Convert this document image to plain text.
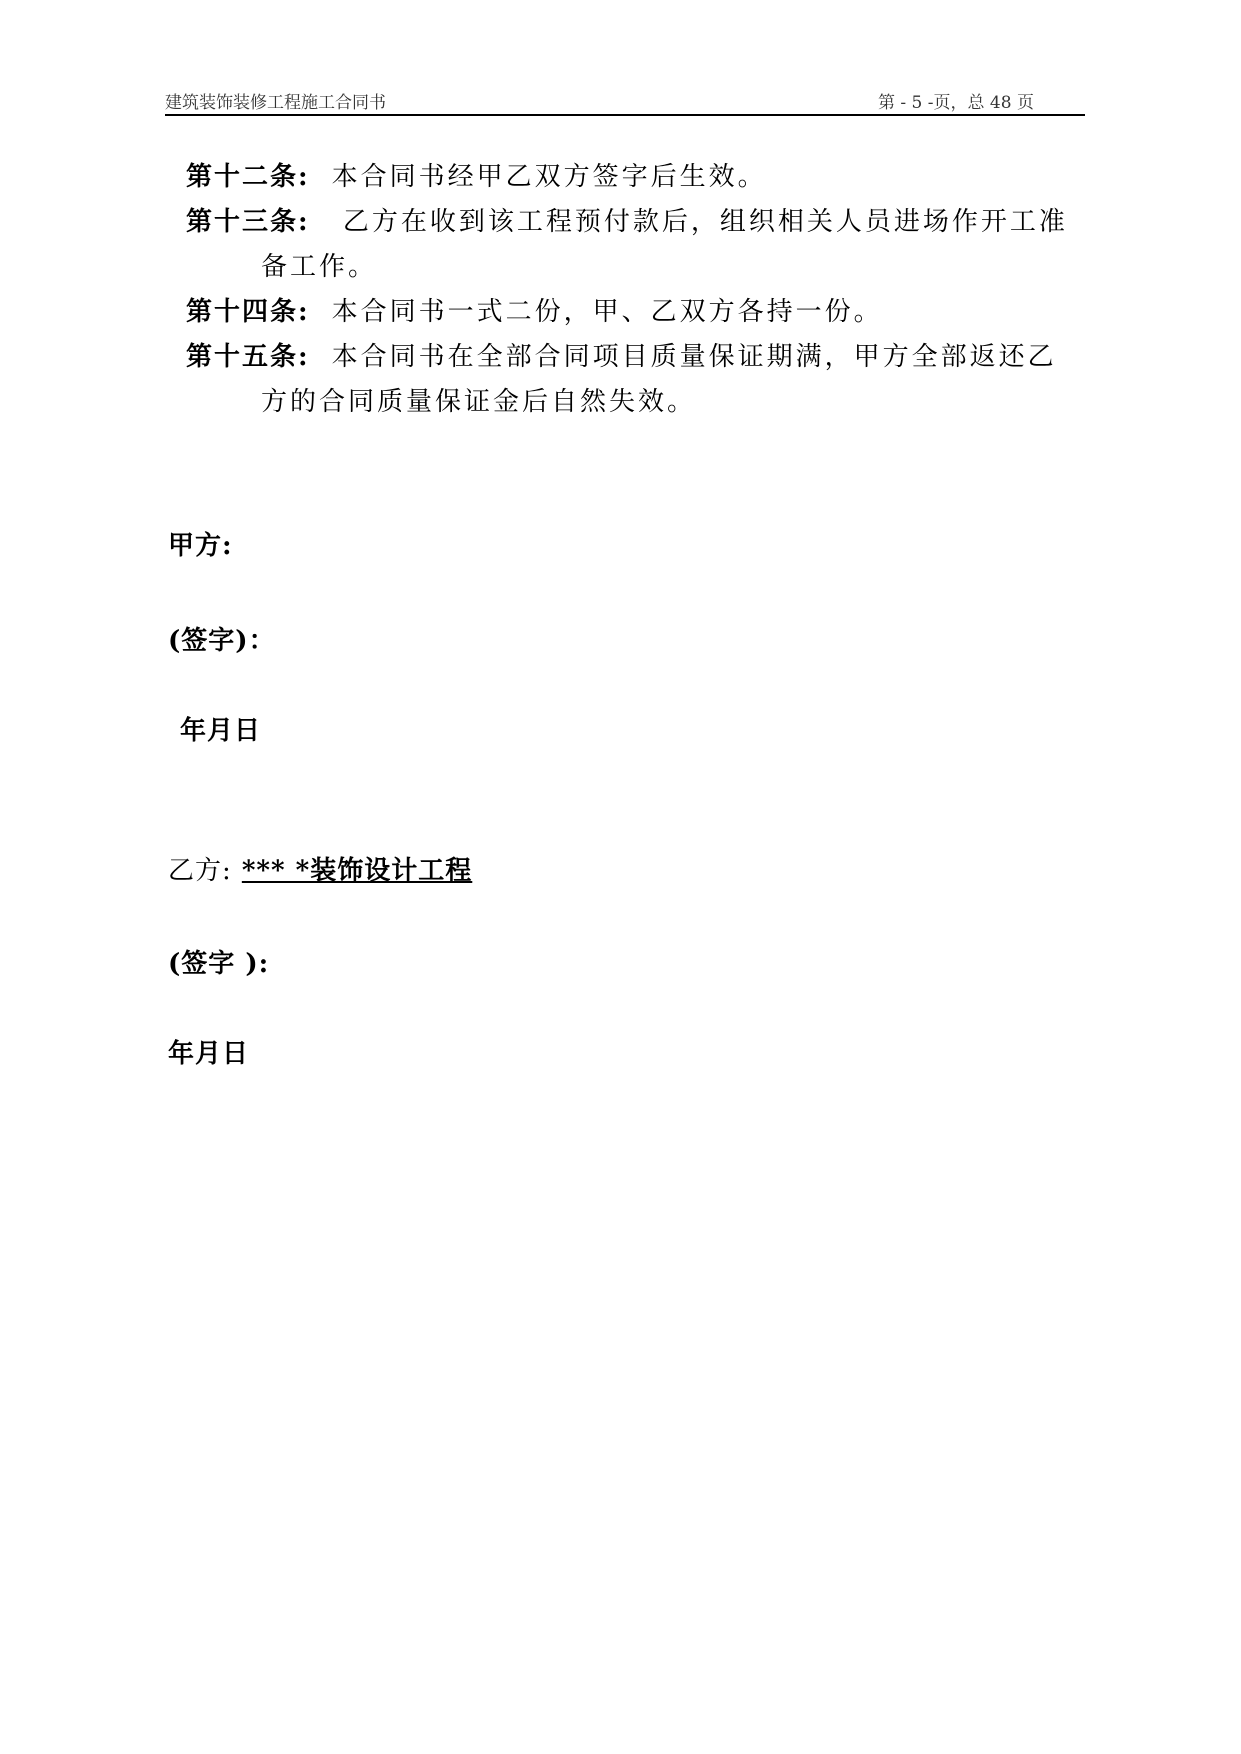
建筑装饰装修工程施工合同书	第 - 5 -页，总 48 页
第十二条: 本合同书经甲乙双方签字后生效。
第十三条: 乙方在收到该工程预付款后，组织相关人员进场作开工准
备工作。
第十四条: 本合同书一式二份，甲、乙双方各持一份。
第十五条: 本合同书在全部合同项目质量保证期满，甲方全部返还乙
方的合同质量保证金后自然失效。
甲方:
(签字)：
年月日
乙方: *** *装饰设计工程
(签字 ):
年月日
